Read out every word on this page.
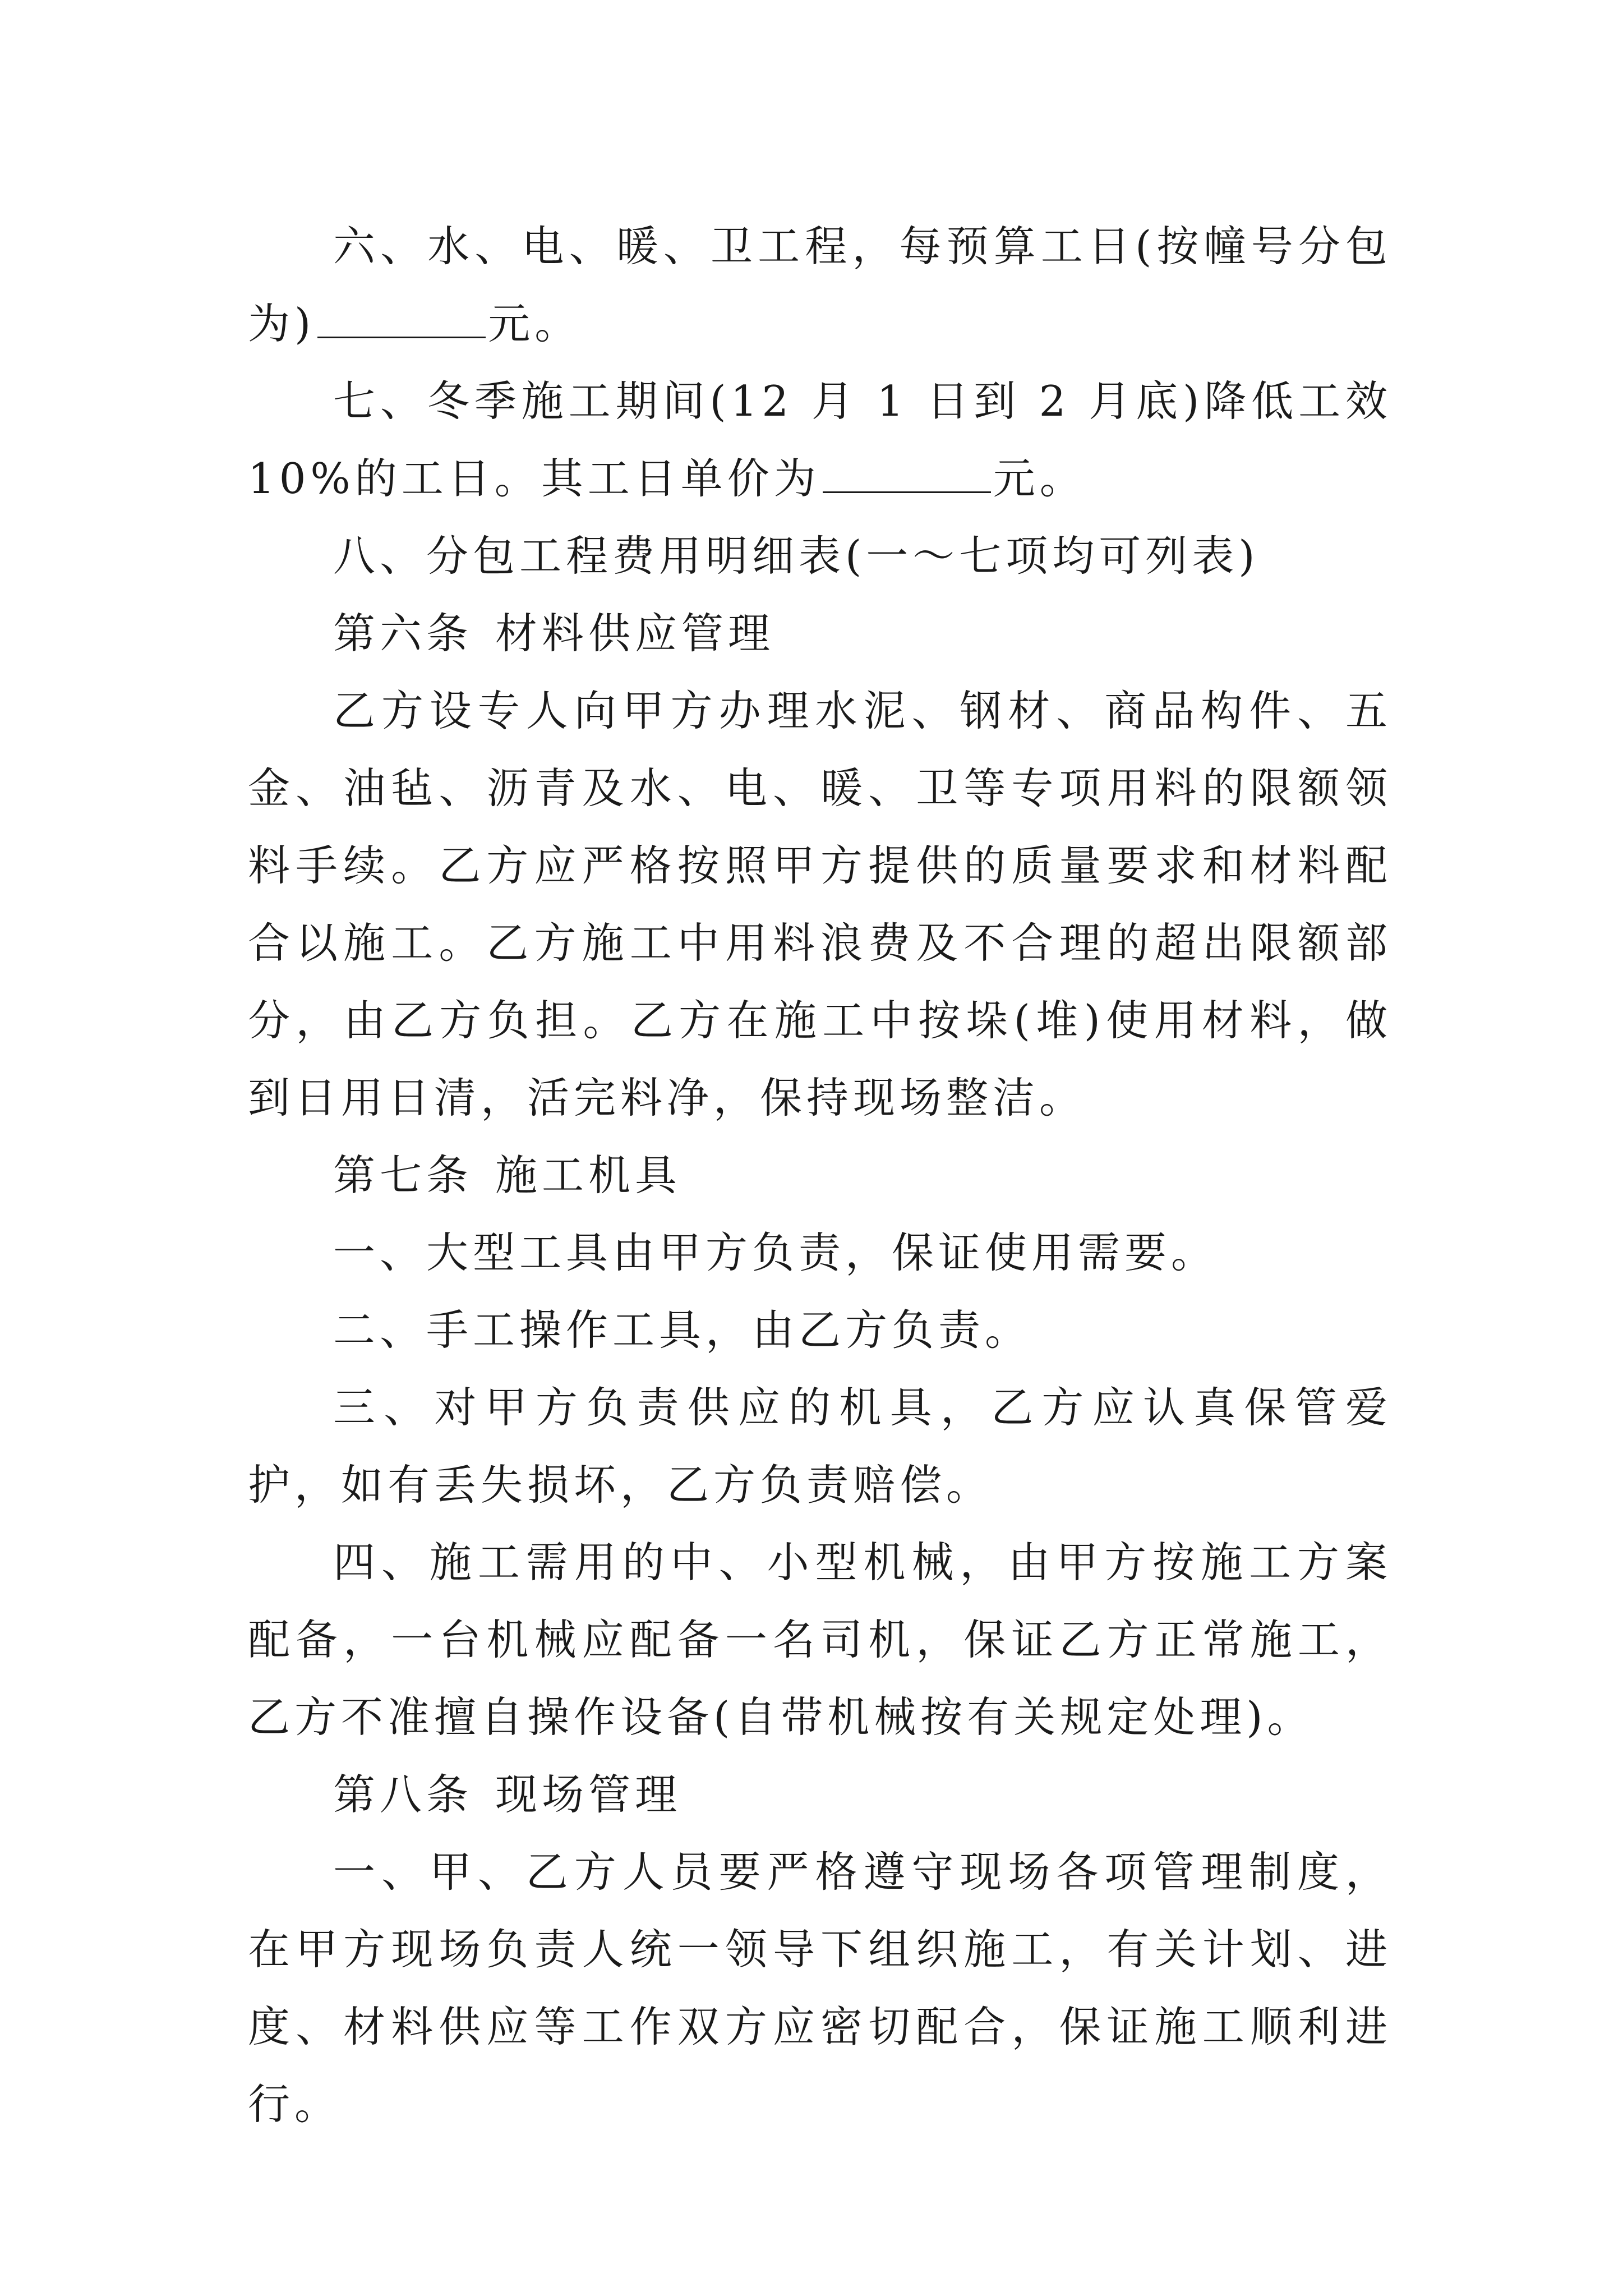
六、水、电、暖、卫工程，每预算工日(按幢号分包为)	元。

七、冬季施工期间(12 月 1 日到 2 月底)降低工效 10%的工日。其工日单价为	元。

八、分包工程费用明细表(一～七项均可列表)

第六条 材料供应管理

乙方设专人向甲方办理水泥、钢材、商品构件、五金、油毡、沥青及水、电、暖、卫等专项用料的限额领料手续。乙方应严格按照甲方提供的质量要求和材料配合以施工。乙方施工中用料浪费及不合理的超出限额部分，由乙方负担。乙方在施工中按垛(堆)使用材料，做到日用日清，活完料净，保持现场整洁。

第七条 施工机具

一、大型工具由甲方负责，保证使用需要。

二、手工操作工具，由乙方负责。

三、对甲方负责供应的机具，乙方应认真保管爱护，如有丢失损坏，乙方负责赔偿。

四、施工需用的中、小型机械，由甲方按施工方案配备，一台机械应配备一名司机，保证乙方正常施工，乙方不准擅自操作设备(自带机械按有关规定处理)。

第八条 现场管理

一、甲、乙方人员要严格遵守现场各项管理制度，在甲方现场负责人统一领导下组织施工，有关计划、进度、材料供应等工作双方应密切配合，保证施工顺利进行。
